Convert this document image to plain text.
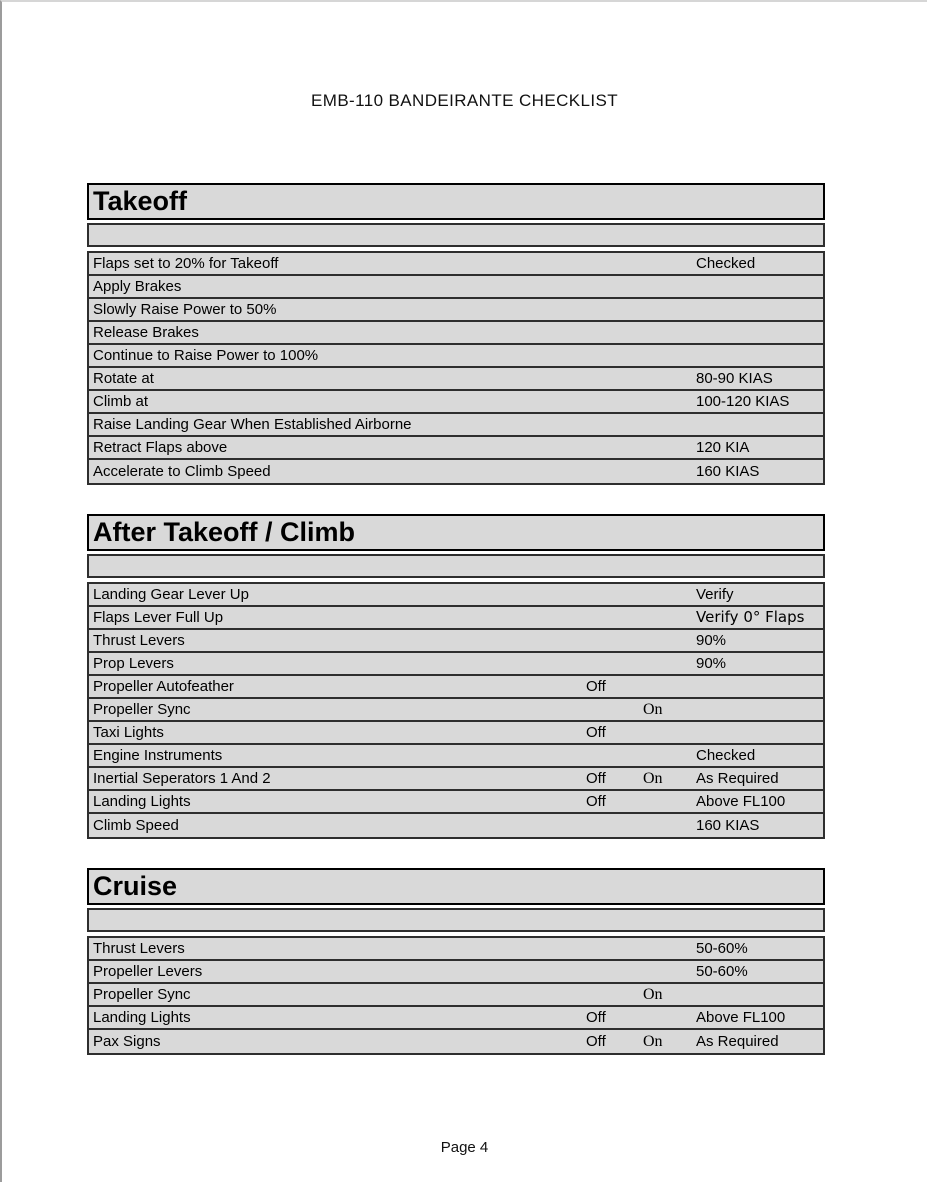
EMB-110 BANDEIRANTE CHECKLIST
Takeoff
Flaps set to 20% for Takeoff	Checked
Apply Brakes
Slowly Raise Power to 50%
Release Brakes
Continue to Raise Power to 100%
Rotate at	80-90 KIAS
Climb at	100-120 KIAS
Raise Landing Gear When Established Airborne
Retract Flaps above	120 KIA
Accelerate to Climb Speed	160 KIAS
After Takeoff / Climb
Landing Gear Lever Up	Verify
Flaps Lever Full Up	Verify 0° Flaps
Thrust Levers	90%
Prop Levers	90%
Propeller Autofeather	Off
Propeller Sync	On
Taxi Lights	Off
Engine Instruments	Checked
Inertial Seperators 1 And 2	Off	On	As Required
Landing Lights	Off	Above FL100
Climb Speed	160 KIAS
Cruise
Thrust Levers	50-60%
Propeller Levers	50-60%
Propeller Sync	On
Landing Lights	Off	Above FL100
Pax Signs	Off	On	As Required
Page 4
